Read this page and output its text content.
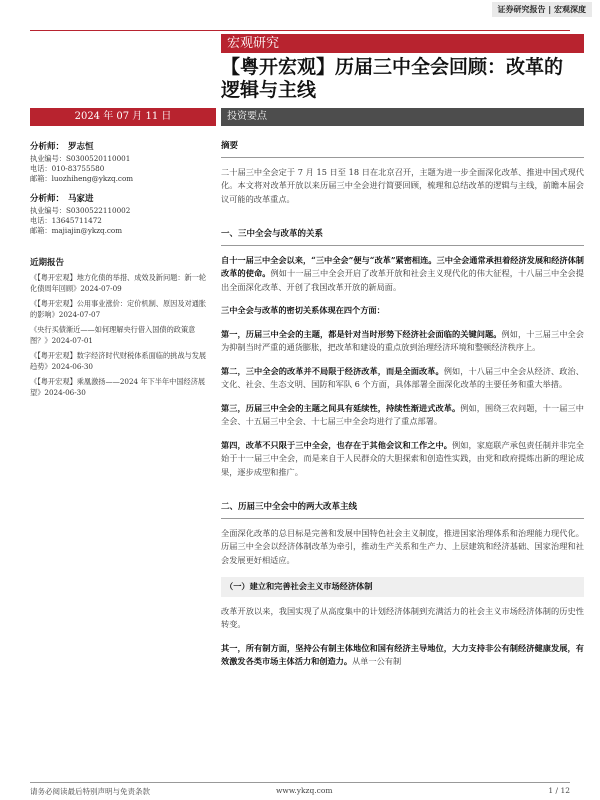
证券研究报告 | 宏观深度
宏观研究
【粤开宏观】历届三中全会回顾：改革的逻辑与主线
2024 年 07 月 11 日	投资要点
分析师： 罗志恒
执业编号：S0300520110001
电话：010-83755580
邮箱：luozhiheng@ykzq.com
分析师： 马家进
执业编号：S0300522110002
电话：13645711472
邮箱：majiajin@ykzq.com
近期报告
《【粤开宏观】地方化债的举措、成效及新问题：新一轮化债周年回顾》2024-07-09
《【粤开宏观】公用事业涨价：定价机制、原因及对通胀的影响》2024-07-07
《央行买债渐近——如何理解央行借入国债的政策意图？》2024-07-01
《【粤开宏观】数字经济时代财税体系面临的挑战与发展趋势》2024-06-30
《【粤开宏观】乘凰激扬——2024 年下半年中国经济展望》2024-06-30
摘要

二十届三中全会定于 7 月 15 日至 18 日在北京召开，主题为进一步全面深化改革、推进中国式现代化。本文将对改革开放以来历届三中全会进行简要回顾，梳理和总结改革的逻辑与主线，前瞻本届会议可能的改革重点。

一、三中全会与改革的关系

自十一届三中全会以来，“三中全会”便与“改革”紧密相连。三中全会通常承担着经济发展和经济体制改革的使命。例如十一届三中全会开启了改革开放和社会主义现代化的伟大征程，十八届三中全会提出全面深化改革、开创了我国改革开放的新局面。

三中全会与改革的密切关系体现在四个方面：

第一，历届三中全会的主题，都是针对当时形势下经济社会面临的关键问题。例如，十三届三中全会为抑制当时严重的通货膨胀，把改革和建设的重点放到治理经济环境和整顿经济秩序上。

第二，三中全会的改革并不局限于经济改革，而是全面改革。例如，十八届三中全会从经济、政治、文化、社会、生态文明、国防和军队 6 个方面，具体部署全面深化改革的主要任务和重大举措。

第三，历届三中全会的主题之间具有延续性，持续性渐进式改革。例如，围绕三农问题，十一届三中全会、十五届三中全会、十七届三中全会均进行了重点部署。

第四，改革不只限于三中全会，也存在于其他会议和工作之中。例如，家庭联产承包责任制并非完全始于十一届三中全会，而是来自于人民群众的大胆探索和创造性实践，由党和政府提炼出新的理论成果，逐步成型和推广。

二、历届三中全会中的两大改革主线

全面深化改革的总目标是完善和发展中国特色社会主义制度，推进国家治理体系和治理能力现代化。历届三中全会以经济体制改革为牵引，推动生产关系和生产力、上层建筑和经济基础、国家治理和社会发展更好相适应。

（一）建立和完善社会主义市场经济体制

改革开放以来，我国实现了从高度集中的计划经济体制到充满活力的社会主义市场经济体制的历史性转变。

其一，所有制方面，坚持公有制主体地位和国有经济主导地位，大力支持非公有制经济健康发展，有效激发各类市场主体活力和创造力。从单一公有制

请务必阅读最后特别声明与免责条款	www.ykzq.com	1 / 12
